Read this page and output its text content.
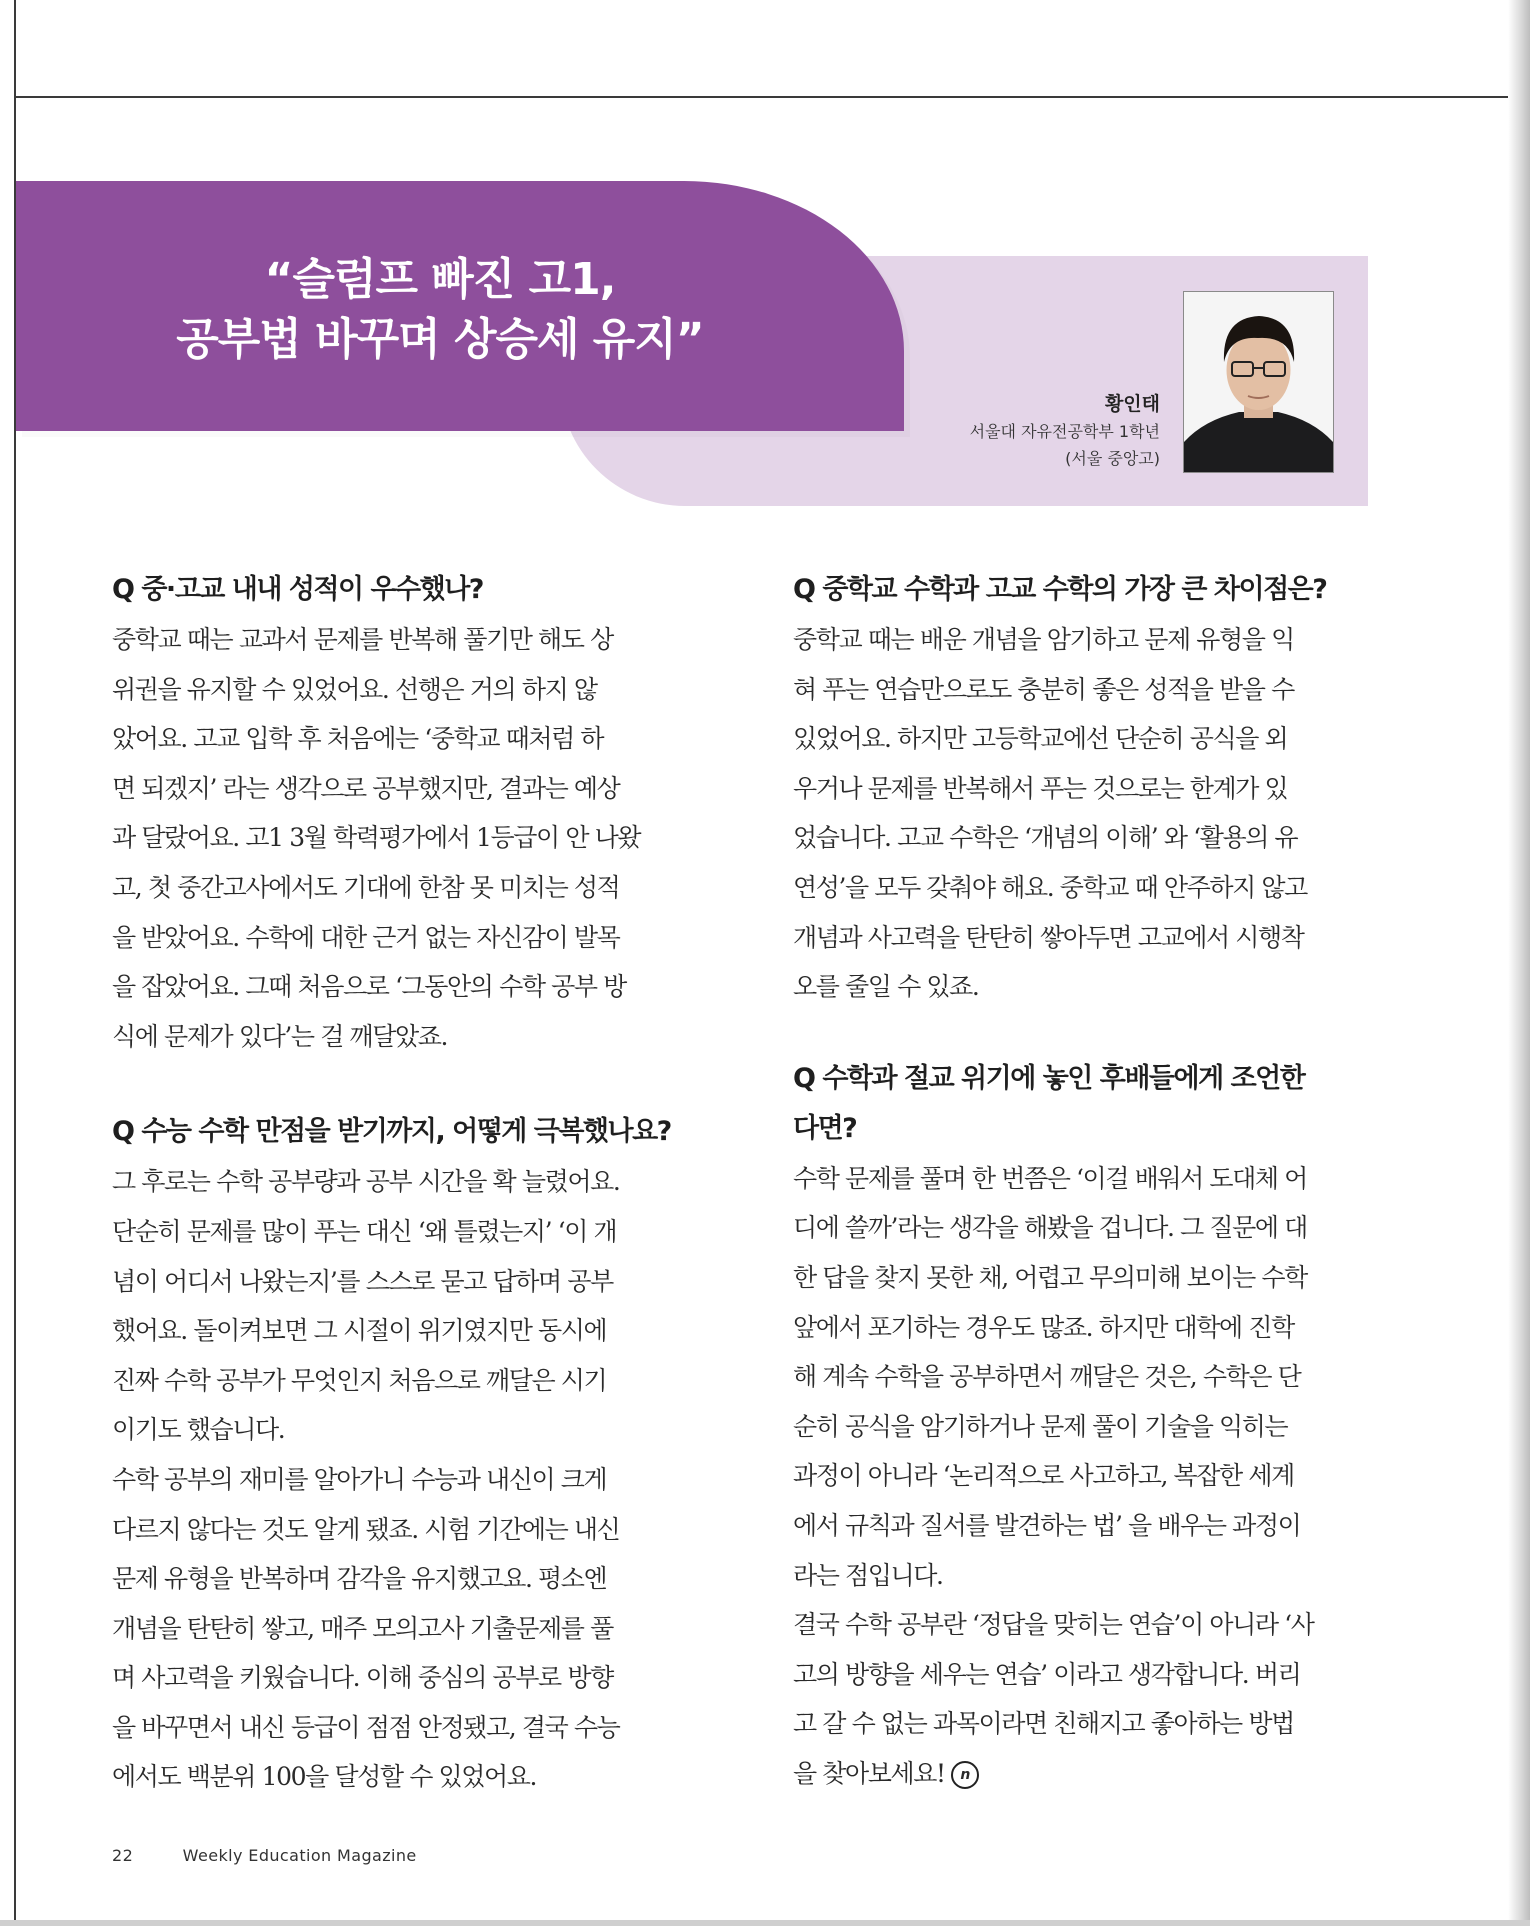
“슬럼프 빠진 고1,
공부법 바꾸며 상승세 유지”
황인태
서울대 자유전공학부 1학년
(서울 중앙고)

Q 중·고교 내내 성적이 우수했나?

중학교 때는 교과서 문제를 반복해 풀기만 해도 상

위권을 유지할 수 있었어요. 선행은 거의 하지 않

았어요. 고교 입학 후 처음에는 ‘중학교 때처럼 하

면 되겠지’ 라는 생각으로 공부했지만, 결과는 예상

과 달랐어요. 고1 3월 학력평가에서 1등급이 안 나왔

고, 첫 중간고사에서도 기대에 한참 못 미치는 성적

을 받았어요. 수학에 대한 근거 없는 자신감이 발목

을 잡았어요. 그때 처음으로 ‘그동안의 수학 공부 방

식에 문제가 있다’는 걸 깨달았죠.

Q 수능 수학 만점을 받기까지, 어떻게 극복했나요?

그 후로는 수학 공부량과 공부 시간을 확 늘렸어요.

단순히 문제를 많이 푸는 대신 ‘왜 틀렸는지’ ‘이 개

념이 어디서 나왔는지’를 스스로 묻고 답하며 공부

했어요. 돌이켜보면 그 시절이 위기였지만 동시에

진짜 수학 공부가 무엇인지 처음으로 깨달은 시기

이기도 했습니다.

수학 공부의 재미를 알아가니 수능과 내신이 크게

다르지 않다는 것도 알게 됐죠. 시험 기간에는 내신

문제 유형을 반복하며 감각을 유지했고요. 평소엔

개념을 탄탄히 쌓고, 매주 모의고사 기출문제를 풀

며 사고력을 키웠습니다. 이해 중심의 공부로 방향

을 바꾸면서 내신 등급이 점점 안정됐고, 결국 수능

에서도 백분위 100을 달성할 수 있었어요.

Q 중학교 수학과 고교 수학의 가장 큰 차이점은?

중학교 때는 배운 개념을 암기하고 문제 유형을 익

혀 푸는 연습만으로도 충분히 좋은 성적을 받을 수

있었어요. 하지만 고등학교에선 단순히 공식을 외

우거나 문제를 반복해서 푸는 것으로는 한계가 있

었습니다. 고교 수학은 ‘개념의 이해’ 와 ‘활용의 유

연성’을 모두 갖춰야 해요. 중학교 때 안주하지 않고

개념과 사고력을 탄탄히 쌓아두면 고교에서 시행착

오를 줄일 수 있죠.

Q 수학과 절교 위기에 놓인 후배들에게 조언한

다면?

수학 문제를 풀며 한 번쯤은 ‘이걸 배워서 도대체 어

디에 쓸까’라는 생각을 해봤을 겁니다. 그 질문에 대

한 답을 찾지 못한 채, 어렵고 무의미해 보이는 수학

앞에서 포기하는 경우도 많죠. 하지만 대학에 진학

해 계속 수학을 공부하면서 깨달은 것은, 수학은 단

순히 공식을 암기하거나 문제 풀이 기술을 익히는

과정이 아니라 ‘논리적으로 사고하고, 복잡한 세계

에서 규칙과 질서를 발견하는 법’ 을 배우는 과정이

라는 점입니다.

결국 수학 공부란 ‘정답을 맞히는 연습’이 아니라 ‘사

고의 방향을 세우는 연습’ 이라고 생각합니다. 버리

고 갈 수 없는 과목이라면 친해지고 좋아하는 방법

을 찾아보세요! n

22	Weekly Education Magazine
